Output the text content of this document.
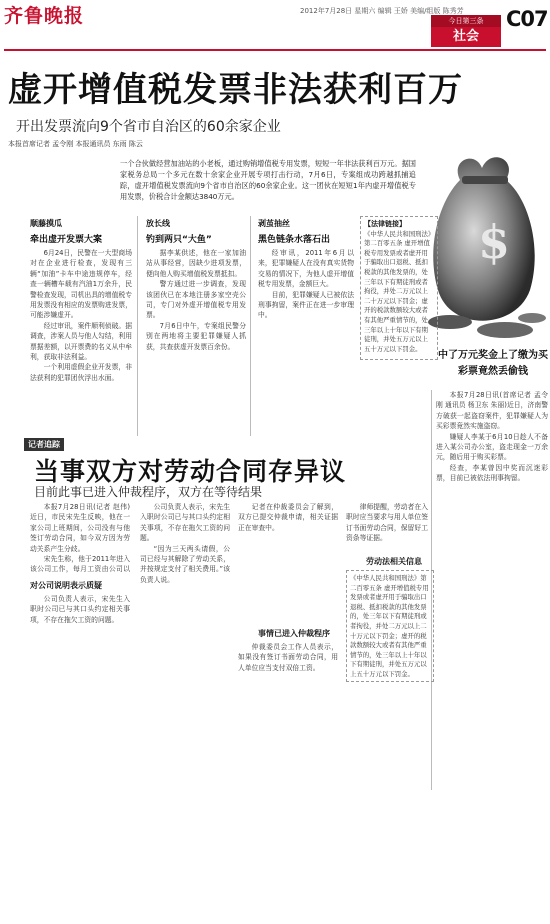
齐鲁晚报	2012年7月28日 星期六 编辑 王娇 美编/组版 陈秀芳
今日第三条
社会
C07
虚开增值税发票非法获利百万
开出发票流向9个省市自治区的60余家企业
本报首席记者 孟令刚 本报通讯员 东雨 陈云
$
一个合伙做经营加油站的小老板，通过购销增值税专用发票，短短一年非法获利百万元。据国家税务总局一个多元在数十余家企业开展专项打击行动，7月6日，专案组成功跨越抓捕追踪，虚开增值税发票流向9个省市自治区的60余家企业。这一团伙在短短1年内虚开增值税专用发票，价税合计金额达3840万元。
顺藤摸瓜
牵出虚开发票大案

6月24日，民警在一大型商场对在企业进行检查，发现有三辆“加油”卡车中途违规停车，经查一辆槽车载有汽油1万余升，民警检查发现，司机出具的增值税专用发票没有相应的发票购进发票，可能涉嫌虚开。

经过审讯，案件顺利侦破。据调查，涉案人员与他人勾结，利用票据差额，以开票费的名义从中牟利，获取非法利益。

一个利用虚假企业开发票，非法获利的犯罪团伙浮出水面。

放长线
钓到两只“大鱼”

据李某供述，他在一家加油站从事经营，因缺少进项发票，便向他人购买增值税发票抵扣。

警方通过进一步调查，发现该团伙已在本地注册多家空壳公司，专门对外虚开增值税专用发票。

7月6日中午，专案组民警分别在两地将主要犯罪嫌疑人抓获，共查获虚开发票百余份。

剥茧抽丝
黑色链条水落石出

经审讯，2011年6月以来，犯罪嫌疑人在没有真实货物交易的情况下，为他人虚开增值税专用发票，金额巨大。

目前，犯罪嫌疑人已被依法刑事拘留，案件正在进一步审理中。

【法律链接】
《中华人民共和国刑法》第二百零五条 虚开增值税专用发票或者虚开用于骗取出口退税、抵扣税款的其他发票的，处三年以下有期徒刑或者拘役，并处二万元以上二十万元以下罚金；虚开的税款数额较大或者有其他严重情节的，处三年以上十年以下有期徒刑，并处五万元以上五十万元以下罚金。
中了万元奖金上了缴为买彩票竟然丢偷钱

本报7月28日讯(首席记者 孟令刚 通讯员 杨卫东 朱丽)近日，济南警方破获一起盗窃案件，犯罪嫌疑人为买彩票竟然实施盗窃。

嫌疑人李某于6月10日趁人不备进入某公司办公室，盗走现金一万余元，随后用于购买彩票。

经查，李某曾因中奖而沉迷彩票，目前已被依法刑事拘留。

记者追踪
当事双方对劳动合同存异议
目前此事已进入仲裁程序，双方在等待结果

本报7月28日讯(记者 赵伟)近日，市民宋先生反映，他在一家公司上班期间，公司没有与他签订劳动合同，如今双方因为劳动关系产生分歧。

宋先生称，他于2011年进入该公司工作，每月工资由公司以

对公司说明表示质疑

公司负责人表示，宋先生入职时公司已与其口头约定相关事项，不存在拖欠工资的问题。

公司负责人表示，宋先生入职时公司已与其口头约定相关事项，不存在拖欠工资的问题。

“因为三天两头请假，公司已经与其解除了劳动关系，并按规定支付了相关费用。”该负责人说。

记者在仲裁委员会了解到，双方已提交仲裁申请，相关证据正在审查中。

事情已进入仲裁程序

仲裁委员会工作人员表示，如果没有签订书面劳动合同，用人单位应当支付双倍工资。

律师提醒，劳动者在入职时应当要求与用人单位签订书面劳动合同，保留好工资条等证据。

劳动法相关信息
《中华人民共和国刑法》第二百零五条 虚开增值税专用发票或者虚开用于骗取出口退税、抵扣税款的其他发票的，处三年以下有期徒刑或者拘役，并处二万元以上二十万元以下罚金；虚开的税款数额较大或者有其他严重情节的，处三年以上十年以下有期徒刑，并处五万元以上五十万元以下罚金。
